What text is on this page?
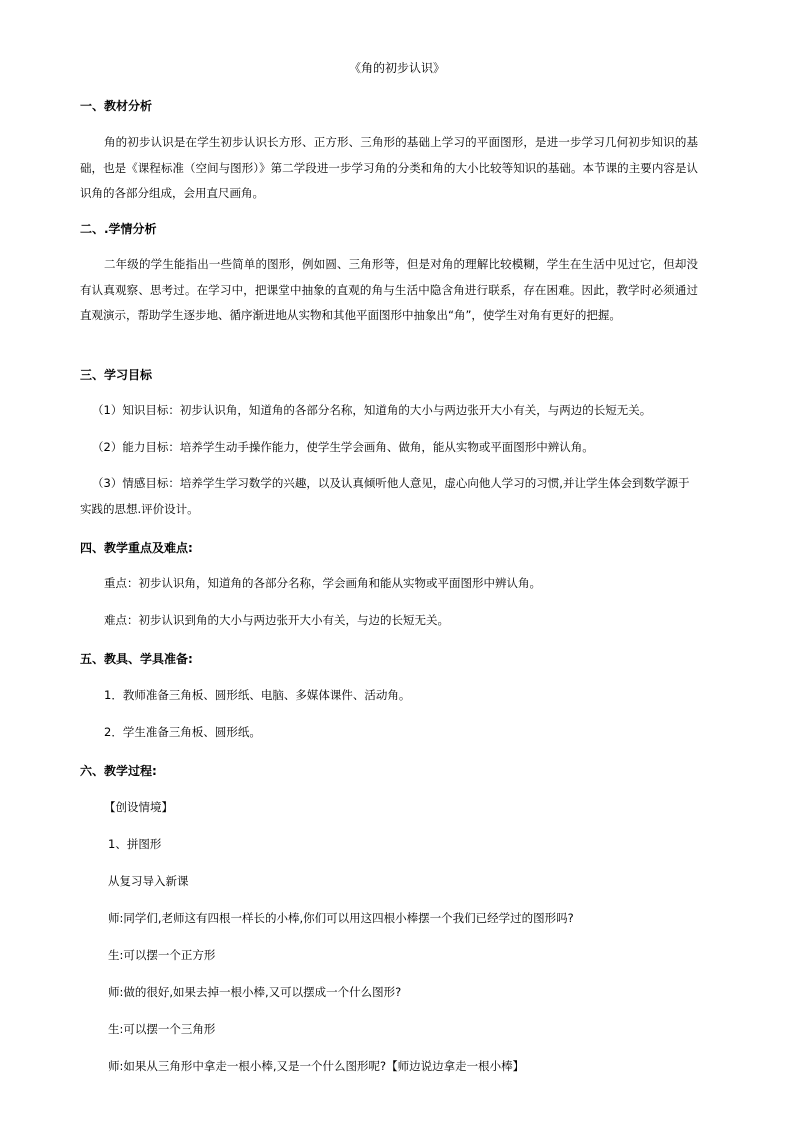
《角的初步认识》
一、教材分析
角的初步认识是在学生初步认识长方形、正方形、三角形的基础上学习的平面图形，是进一步学习几何初步知识的基础，也是《课程标准（空间与图形）》第二学段进一步学习角的分类和角的大小比较等知识的基础。本节课的主要内容是认识角的各部分组成，会用直尺画角。
二、.学情分析
二年级的学生能指出一些简单的图形，例如圆、三角形等，但是对角的理解比较模糊，学生在生活中见过它，但却没有认真观察、思考过。在学习中，把课堂中抽象的直观的角与生活中隐含角进行联系，存在困难。因此，教学时必须通过直观演示，帮助学生逐步地、循序渐进地从实物和其他平面图形中抽象出“角”，使学生对角有更好的把握。
三、学习目标
（1）知识目标：初步认识角，知道角的各部分名称，知道角的大小与两边张开大小有关，与两边的长短无关。
（2）能力目标：培养学生动手操作能力，使学生学会画角、做角，能从实物或平面图形中辨认角。
（3）情感目标：培养学生学习数学的兴趣，以及认真倾听他人意见，虚心向他人学习的习惯,并让学生体会到数学源于实践的思想.评价设计。
四、教学重点及难点:
重点：初步认识角，知道角的各部分名称，学会画角和能从实物或平面图形中辨认角。
难点：初步认识到角的大小与两边张开大小有关，与边的长短无关。
五、教具、学具准备:
1．教师准备三角板、圆形纸、电脑、多媒体课件、活动角。
2．学生准备三角板、圆形纸。
六、教学过程:
【创设情境】
1、拼图形
从复习导入新课
师:同学们,老师这有四根一样长的小棒,你们可以用这四根小棒摆一个我们已经学过的图形吗?
生:可以摆一个正方形
师:做的很好,如果去掉一根小棒,又可以摆成一个什么图形?
生:可以摆一个三角形
师:如果从三角形中拿走一根小棒,又是一个什么图形呢?【师边说边拿走一根小棒】
